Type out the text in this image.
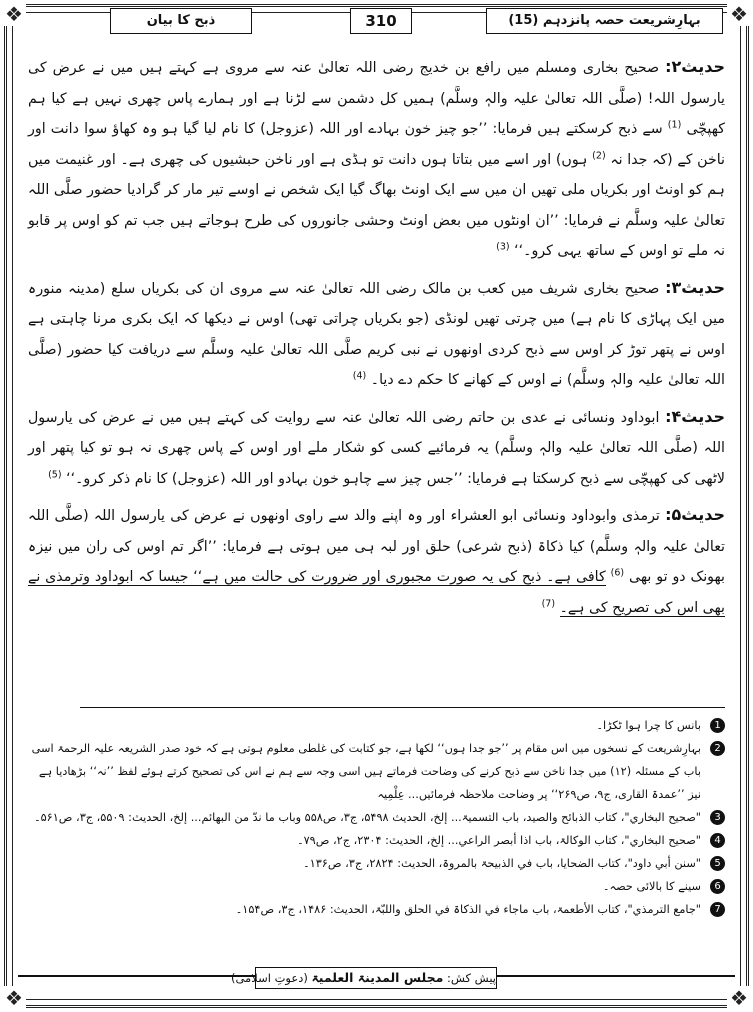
❖	❖
❖	❖
ذبح کا بیان	310	بہارِشریعت حصہ پانزدہم (15)

حدیث۲: صحیح بخاری ومسلم میں رافع بن خدیج رضی اللہ تعالیٰ عنہ سے مروی ہے کہتے ہیں میں نے عرض کی یارسول اللہ! (صلَّی اللہ تعالیٰ علیہ والہٖ وسلَّم) ہمیں کل دشمن سے لڑنا ہے اور ہمارے پاس چھری نہیں ہے کیا ہم کھپچّی $^{(1)}$ سے ذبح کرسکتے ہیں فرمایا: ’’جو چیز خون بہادے اور اللہ (عزوجل) کا نام لیا گیا ہو وہ کھاؤ سوا دانت اور ناخن کے (کہ جدا نہ $^{(2)}$ ہوں) اور اسے میں بتاتا ہوں دانت تو ہڈی ہے اور ناخن حبشیوں کی چھری ہے۔ اور غنیمت میں ہم کو اونٹ اور بکریاں ملی تھیں ان میں سے ایک اونٹ بھاگ گیا ایک شخص نے اوسے تیر مار کر گرادیا حضور صلَّی اللہ تعالیٰ علیہ وسلَّم نے فرمایا: ’’ان اونٹوں میں بعض اونٹ وحشی جانوروں کی طرح ہوجاتے ہیں جب تم کو اوس پر قابو نہ ملے تو اوس کے ساتھ یہی کرو۔‘‘ $^{(3)}$

حدیث۳: صحیح بخاری شریف میں کعب بن مالک رضی اللہ تعالیٰ عنہ سے مروی ان کی بکریاں سلع (مدینہ منورہ میں ایک پہاڑی کا نام ہے) میں چرتی تھیں لونڈی (جو بکریاں چراتی تھی) اوس نے دیکھا کہ ایک بکری مرنا چاہتی ہے اوس نے پتھر توڑ کر اوس سے ذبح کردی اونھوں نے نبی کریم صلَّی اللہ تعالیٰ علیہ وسلَّم سے دریافت کیا حضور (صلَّی اللہ تعالیٰ علیہ والہٖ وسلَّم) نے اوس کے کھانے کا حکم دے دیا۔ $^{(4)}$

حدیث۴: ابوداود ونسائی نے عدی بن حاتم رضی اللہ تعالیٰ عنہ سے روایت کی کہتے ہیں میں نے عرض کی یارسول اللہ (صلَّی اللہ تعالیٰ علیہ والہٖ وسلَّم) یہ فرمائیے کسی کو شکار ملے اور اوس کے پاس چھری نہ ہو تو کیا پتھر اور لاٹھی کی کھپچّی سے ذبح کرسکتا ہے فرمایا: ’’جس چیز سے چاہو خون بہادو اور اللہ (عزوجل) کا نام ذکر کرو۔‘‘ $^{(5)}$

حدیث۵: ترمذی وابوداود ونسائی ابو العشراء اور وہ اپنے والد سے راوی اونھوں نے عرض کی یارسول اللہ (صلَّی اللہ تعالیٰ علیہ والہٖ وسلَّم) کیا ذکاۃ (ذبح شرعی) حلق اور لبہ ہی میں ہوتی ہے فرمایا: ’’اگر تم اوس کی ران میں نیزہ بھونک دو تو بھی $^{(6)}$ کافی ہے۔ ذبح کی یہ صورت مجبوری اور ضرورت کی حالت میں ہے‘‘ جیسا کہ ابوداود وترمذی نے بھی اس کی تصریح کی ہے۔ $^{(7)}$

1
بانس کا چرا ہوا ٹکڑا۔

2
بہارِشریعت کے نسخوں میں اس مقام پر ’’جو جدا ہوں‘‘ لکھا ہے، جو کتابت کی غلطی معلوم ہوتی ہے کہ خود صدر الشریعہ علیہ الرحمۃ اسی باب کے مسئلہ (۱۲) میں جدا ناخن سے ذبح کرنے کی وضاحت فرماتے ہیں اسی وجہ سے ہم نے اس کی تصحیح کرتے ہوئے لفظ ’’نہ‘‘ بڑھادیا ہے نیز ’’عمدۃ القاری، ج۹، ص۲۶۹‘‘ پر وضاحت ملاحظہ فرمائیں... عِلْمِیہ

3
"صحیح البخاري"، کتاب الذبائح والصید، باب التسمیۃ... إلخ، الحدیث ۵۴۹۸، ج۳، ص۵۵۸ وباب ما ندّ من البھائم... إلخ، الحدیث: ۵۵۰۹، ج۳، ص۵۶۱۔

4
"صحیح البخاري"، کتاب الوکالۃ، باب اذا أبصر الراعي... إلخ، الحدیث: ۲۳۰۴، ج۲، ص۷۹۔

5
"سنن أبي داود"، کتاب الضحایا، باب في الذبیحۃ بالمروۃ، الحدیث: ۲۸۲۴، ج۳، ص۱۳۶۔

6
سینے کا بالائی حصہ۔

7
"جامع الترمذي"، کتاب الأطعمۃ، باب ماجاء في الذکاۃ في الحلق واللبّۃ، الحدیث: ۱۴۸۶، ج۳، ص۱۵۴۔

پیش کش: مجلس المدینۃ العلمیۃ (دعوتِ اسلامی)
